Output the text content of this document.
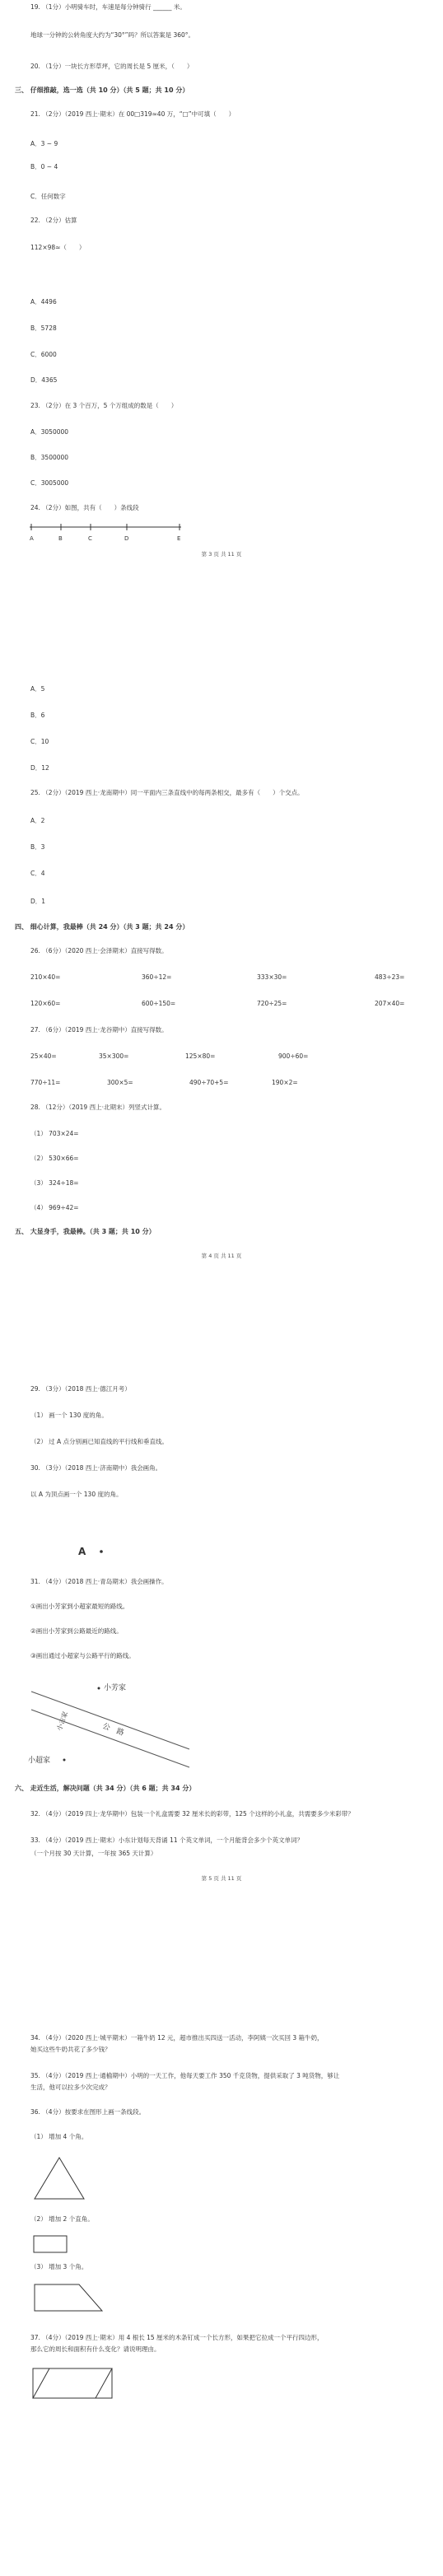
19. （1分）小明骑车时，车速是每分钟骑行 ______ 米。
地球一分钟的公转角度大约为“30°”吗？所以答案是 360°。
20. （1分）一块长方形草坪，它的周长是 5 厘米，（　　）
三、 仔细推敲，选一选（共 10 分）（共 5 题；共 10 分）
21. （2分）（2019 西上·期末）在 00□319≈40 万，“□”中可填（　　）
A．3 ~ 9
B．0 ~ 4
C．任何数字
22. （2分）估算
112×98≈（　　）
A．4496
B．5728
C．6000
D．4365
23. （2分）在 3 个百万，5 个万组成的数是（　　）
A．3050000
B．3500000
C．3005000
24. （2分）如图，共有（　　）条线段
A	B	C	D	E
第 3 页 共 11 页
A．5
B．6
C．10
D．12
25. （2分）（2019 西上·龙南期中）同一平面内三条直线中的每两条相交，最多有（　　）个交点。
A．2
B．3
C．4
D．1
四、 细心计算，我最棒（共 24 分）（共 3 题；共 24 分）
26. （6分）（2020 西上·会泽期末）直接写得数。
210×40=	360÷12=	333×30=	483÷23=
120×60=	600÷150=	720÷25=	207×40=
27. （6分）（2019 西上·龙谷期中）直接写得数。
25×40=	35×300=	125×80=	900÷60=
770÷11=	300×5=	490÷70+5=	190×2=
28. （12分）（2019 西上·北期末）列竖式计算。
（1） 703×24=
（2） 530×66=
（3） 324÷18=
（4） 969÷42=
五、 大显身手，我最棒。（共 3 题；共 10 分）
第 4 页 共 11 页
29. （3分）（2018 西上·德江月考）
（1） 画一个 130 度的角。
（2） 过 A 点分别画已知直线的平行线和垂直线。
30. （3分）（2018 西上·济南期中）我会画角。
以 A 为顶点画一个 130 度的角。
A
31. （4分）（2018 西上·青岛期末）我会画操作。
①画出小芳家到小超家最短的路线。
②画出小芳家到公路最近的路线。
③画出通过小超家与公路平行的路线。
小芳家
公　路
小吉家
小超家
六、 走近生活，解决问题（共 34 分）（共 6 题；共 34 分）
32. （4分）（2019 四上·龙华期中）包装一个礼盒需要 32 厘米长的彩带，125 个这样的小礼盒，共需要多少米彩带？
33. （4分）（2019 西上·期末）小东计划每天背诵 11 个英文单词，一个月能背会多少个英文单词？
（一个月按 30 天计算，一年按 365 天计算）
第 5 页 共 11 页
34. （4分）（2020 西上·城平期末）一箱牛奶 12 元，超市推出买四送一活动，李阿姨一次买回 3 箱牛奶，
她买这些牛奶共花了多少钱？
35. （4分）（2019 西上·通榆期中）小明的一天工作，他每天要工作 350 千克货物，提供采取了 3 吨货物，够让
生活，他可以拉多少次完成？
36. （4分）按要求在图形上画一条线段。
（1） 增加 4 个角。
（2） 增加 2 个直角。
（3） 增加 3 个角。
37. （4分）（2019 西上·期末）用 4 根长 15 厘米的木条钉成一个长方形，如果把它拉成一个平行四边形，
那么它的周长和面积有什么变化？请说明理由。
